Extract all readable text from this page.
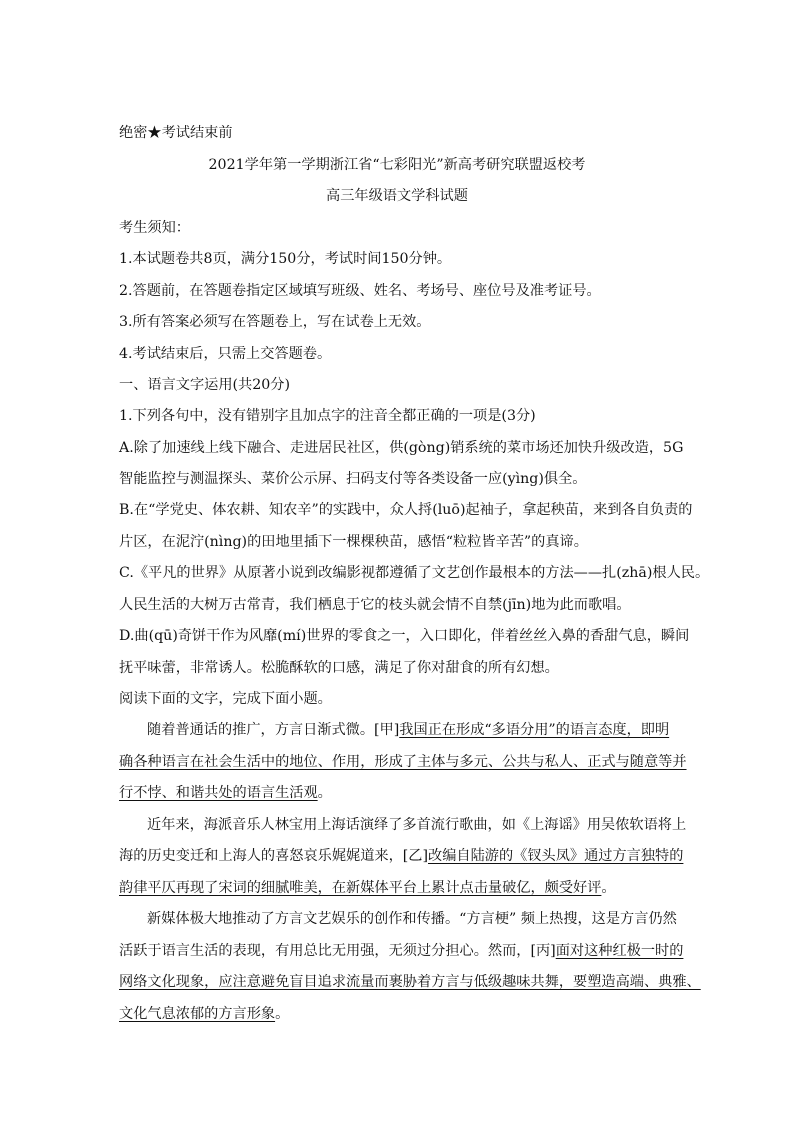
绝密★考试结束前
2021学年第一学期浙江省“七彩阳光”新高考研究联盟返校考
高三年级语文学科试题
考生须知：
1.本试题卷共8页，满分150分，考试时间150分钟。
2.答题前，在答题卷指定区域填写班级、姓名、考场号、座位号及准考证号。
3.所有答案必须写在答题卷上，写在试卷上无效。
4.考试结束后，只需上交答题卷。
一、语言文字运用(共20分)
1.下列各句中，没有错别字且加点字的注音全都正确的一项是(3分)
A.除了加速线上线下融合、走进居民社区，供(gòng)销系统的菜市场还加快升级改造，5G
智能监控与测温探头、菜价公示屏、扫码支付等各类设备一应(yìng)俱全。
B.在“学党史、体农耕、知农辛”的实践中，众人捋(luō)起袖子，拿起秧苗，来到各自负责的
片区，在泥泞(nìng)的田地里插下一棵棵秧苗，感悟“粒粒皆辛苦”的真谛。
C.《平凡的世界》从原著小说到改编影视都遵循了文艺创作最根本的方法——扎(zhā)根人民。
人民生活的大树万古常青，我们栖息于它的枝头就会情不自禁(jīn)地为此而歌唱。
D.曲(qū)奇饼干作为风靡(mí)世界的零食之一，入口即化，伴着丝丝入鼻的香甜气息，瞬间
抚平味蕾，非常诱人。松脆酥软的口感，满足了你对甜食的所有幻想。
阅读下面的文字，完成下面小题。
随着普通话的推广，方言日渐式微。[甲]我国正在形成“多语分用”的语言态度，即明
确各种语言在社会生活中的地位、作用，形成了主体与多元、公共与私人、正式与随意等并
行不悖、和谐共处的语言生活观。
近年来，海派音乐人林宝用上海话演绎了多首流行歌曲，如《上海谣》用吴侬软语将上
海的历史变迁和上海人的喜怒哀乐娓娓道来，[乙]改编自陆游的《钗头凤》通过方言独特的
韵律平仄再现了宋词的细腻唯美，在新媒体平台上累计点击量破亿，颇受好评。
新媒体极大地推动了方言文艺娱乐的创作和传播。“方言梗” 频上热搜，这是方言仍然
活跃于语言生活的表现，有用总比无用强，无须过分担心。然而，[丙]面对这种红极一时的
网络文化现象，应注意避免盲目追求流量而裹胁着方言与低级趣味共舞，要塑造高端、典雅、
文化气息浓郁的方言形象。
